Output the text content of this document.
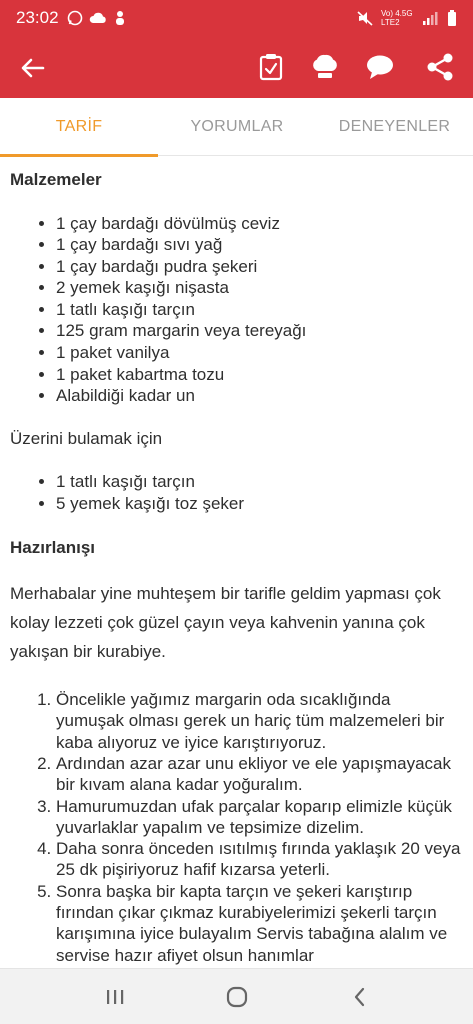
23:02	Vo) 4.5G LTE2
TARİF	YORUMLAR	DENEYENLER
Malzemeler
• 1 çay bardağı dövülmüş ceviz
• 1 çay bardağı sıvı yağ
• 1 çay bardağı pudra şekeri
• 2 yemek kaşığı nişasta
• 1 tatlı kaşığı tarçın
• 125 gram margarin veya tereyağı
• 1 paket vanilya
• 1 paket kabartma tozu
• Alabildiği kadar un
Üzerini bulamak için
• 1 tatlı kaşığı tarçın
• 5 yemek kaşığı toz şeker
Hazırlanışı
Merhabalar yine muhteşem bir tarifle geldim yapması çok kolay lezzeti çok güzel çayın veya kahvenin yanına çok yakışan bir kurabiye.
1. Öncelikle yağımız margarin oda sıcaklığında yumuşak olması gerek un hariç tüm malzemeleri bir kaba alıyoruz ve iyice karıştırıyoruz.
2. Ardından azar azar unu ekliyor ve ele yapışmayacak bir kıvam alana kadar yoğuralım.
3. Hamurumuzdan ufak parçalar koparıp elimizle küçük yuvarlaklar yapalım ve tepsimize dizelim.
4. Daha sonra önceden ısıtılmış fırında yaklaşık 20 veya 25 dk pişiriyoruz hafif kızarsa yeterli.
5. Sonra başka bir kapta tarçın ve şekeri karıştırıp fırından çıkar çıkmaz kurabiyelerimizi şekerli tarçın karışımına iyice bulayalım Servis tabağına alalım ve servise hazır afiyet olsun hanımlar
